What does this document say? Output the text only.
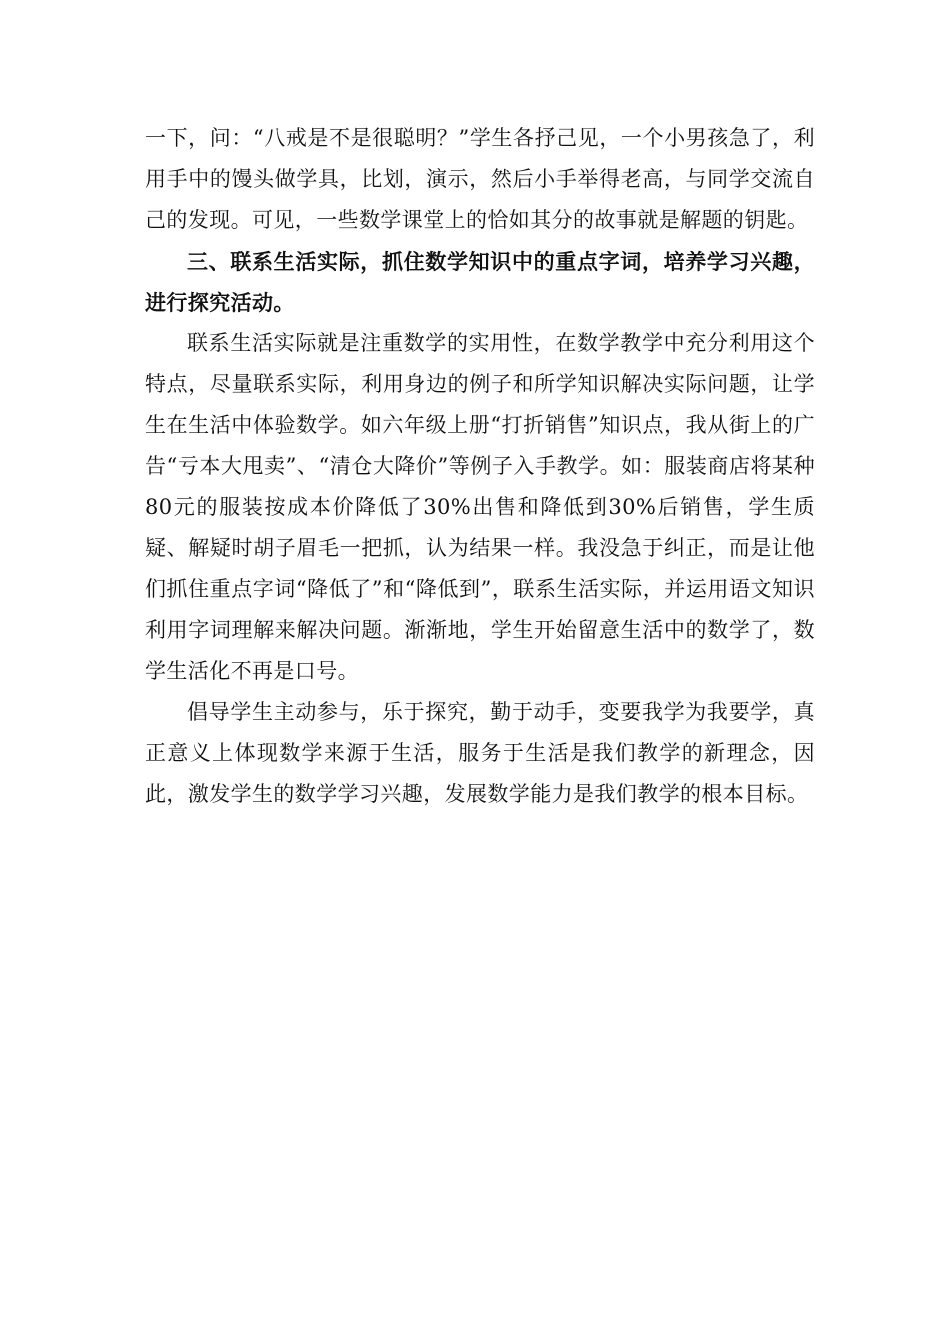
一下，问：“八戒是不是很聪明？”学生各抒己见，一个小男孩急了，利用手中的馒头做学具，比划，演示，然后小手举得老高，与同学交流自己的发现。可见，一些数学课堂上的恰如其分的故事就是解题的钥匙。

三、联系生活实际，抓住数学知识中的重点字词，培养学习兴趣，进行探究活动。

联系生活实际就是注重数学的实用性，在数学教学中充分利用这个特点，尽量联系实际，利用身边的例子和所学知识解决实际问题，让学生在生活中体验数学。如六年级上册“打折销售”知识点，我从街上的广告“亏本大甩卖”、“清仓大降价”等例子入手教学。如：服装商店将某种80元的服装按成本价降低了30%出售和降低到30%后销售，学生质疑、解疑时胡子眉毛一把抓，认为结果一样。我没急于纠正，而是让他们抓住重点字词“降低了”和“降低到”，联系生活实际，并运用语文知识利用字词理解来解决问题。渐渐地，学生开始留意生活中的数学了，数学生活化不再是口号。

倡导学生主动参与，乐于探究，勤于动手，变要我学为我要学，真正意义上体现数学来源于生活，服务于生活是我们教学的新理念，因此，激发学生的数学学习兴趣，发展数学能力是我们教学的根本目标。
